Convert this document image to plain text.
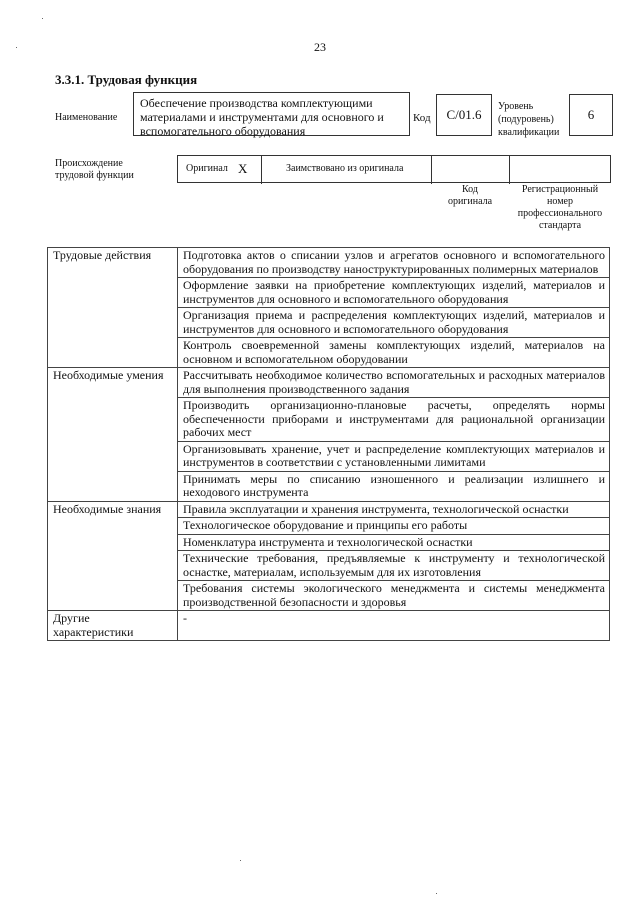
23
3.3.1. Трудовая функция
Наименование
Обеспечение производства комплектующими материалами и инструментами для основного и вспомогательного оборудования
Код	С/01.6
Уровень
(подуровень)
квалификации
6
Происхождение
трудовой функции
Оригинал X	Заимствовано из оригинала
Код
оригинала
Регистрационный
номер
профессионального
стандарта
Трудовые действия	Подготовка актов о списании узлов и агрегатов основного и вспомогательного оборудования по производству наноструктурированных полимерных материалов
	Оформление заявки на приобретение комплектующих изделий, материалов и инструментов для основного и вспомогательного оборудования
	Организация приема и распределения комплектующих изделий, материалов и инструментов для основного и вспомогательного оборудования
	Контроль своевременной замены комплектующих изделий, материалов на основном и вспомогательном оборудовании
Необходимые умения	Рассчитывать необходимое количество вспомогательных и расходных материалов для выполнения производственного задания
	Производить организационно-плановые расчеты, определять нормы обеспеченности приборами и инструментами для рациональной организации рабочих мест
	Организовывать хранение, учет и распределение комплектующих материалов и инструментов в соответствии с установленными лимитами
	Принимать меры по списанию изношенного и реализации излишнего и неходового инструмента
Необходимые знания	Правила эксплуатации и хранения инструмента, технологической оснастки
	Технологическое оборудование и принципы его работы
	Номенклатура инструмента и технологической оснастки
	Технические требования, предъявляемые к инструменту и технологической оснастке, материалам, используемым для их изготовления
	Требования системы экологического менеджмента и системы менеджмента производственной безопасности и здоровья
Другие характеристики	-
